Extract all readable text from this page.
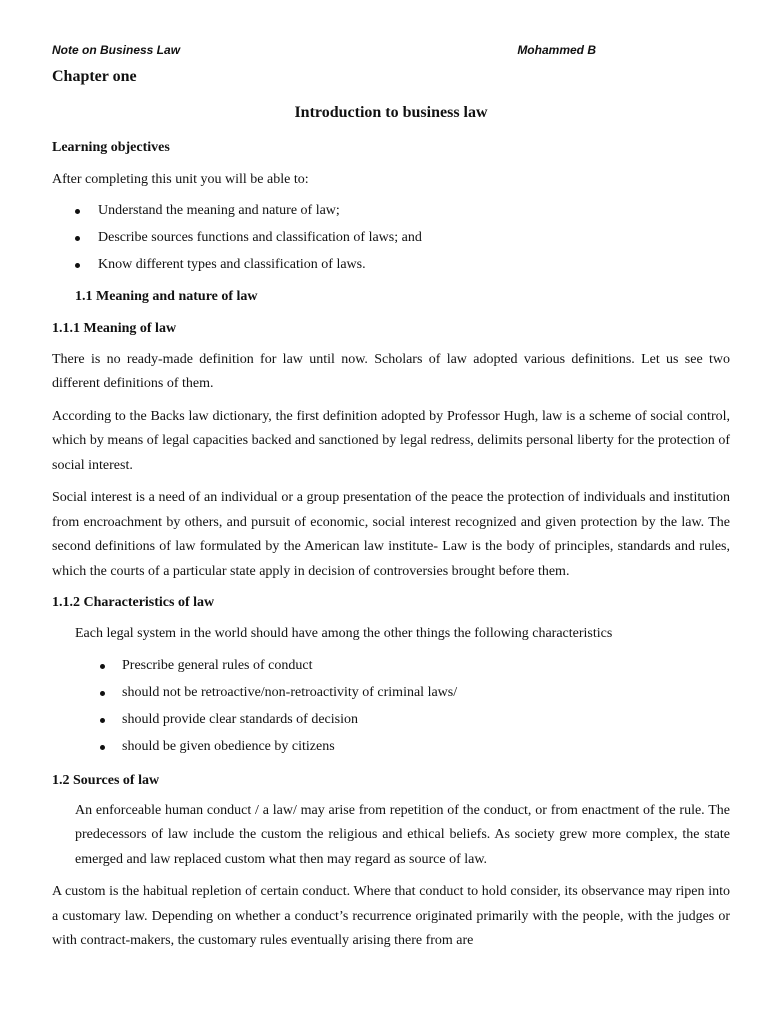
Note on Business Law	Mohammed B
Chapter one
Introduction to business law
Learning objectives

After completing this unit you will be able to:

Understand the meaning and nature of law;
Describe sources functions and classification of laws; and
Know different types and classification of laws.
1.1 Meaning and nature of law
1.1.1 Meaning of law

There is no ready-made definition for law until now. Scholars of law adopted various definitions. Let us see two different definitions of them.

According to the Backs law dictionary, the first definition adopted by Professor Hugh, law is a scheme of social control, which by means of legal capacities backed and sanctioned by legal redress, delimits personal liberty for the protection of social interest.

Social interest is a need of an individual or a group presentation of the peace the protection of individuals and institution from encroachment by others, and pursuit of economic, social interest recognized and given protection by the law. The second definitions of law formulated by the American law institute- Law is the body of principles, standards and rules, which the courts of a particular state apply in decision of controversies brought before them.

1.1.2 Characteristics of law

Each legal system in the world should have among the other things the following characteristics

Prescribe general rules of conduct
should not be retroactive/non-retroactivity of criminal laws/
should provide clear standards of decision
should be given obedience by citizens
1.2 Sources of law

An enforceable human conduct / a law/ may arise from repetition of the conduct, or from enactment of the rule. The predecessors of law include the custom the religious and ethical beliefs. As society grew more complex, the state emerged and law replaced custom what then may regard as source of law.

A custom is the habitual repletion of certain conduct. Where that conduct to hold consider, its observance may ripen into a customary law. Depending on whether a conduct’s recurrence originated primarily with the people, with the judges or with contract-makers, the customary rules eventually arising there from are
